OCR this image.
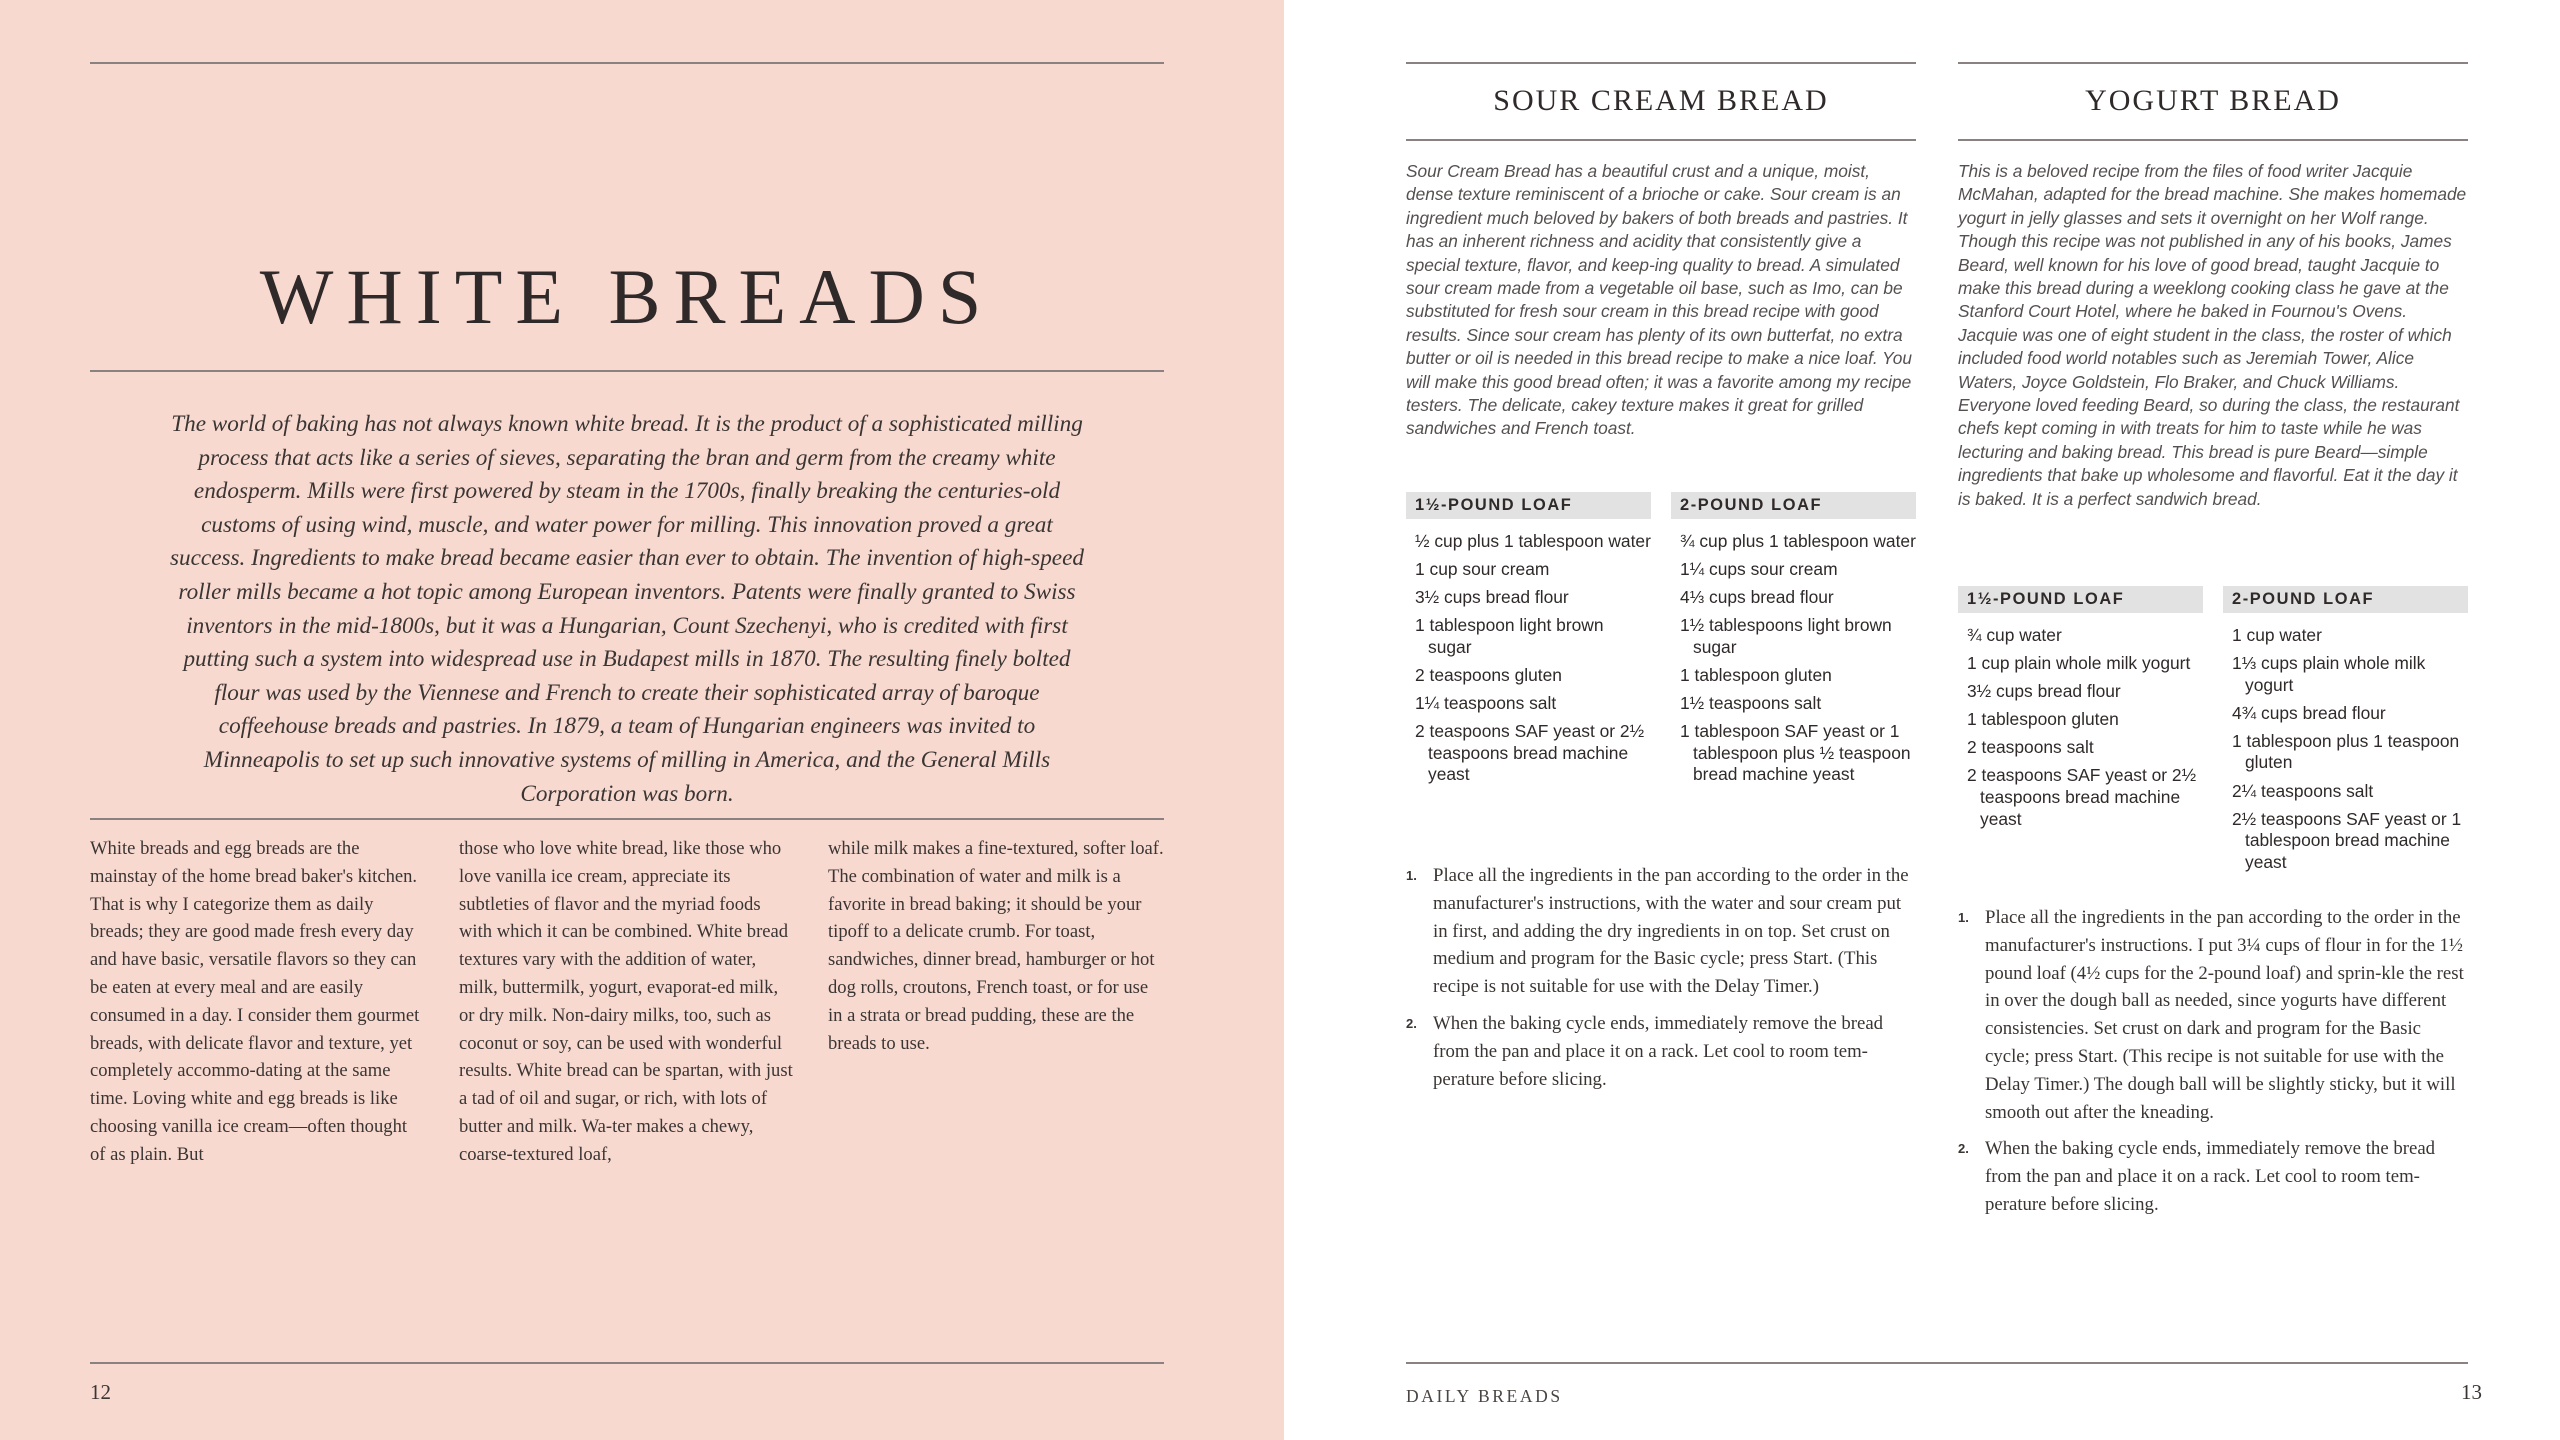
WHITE BREADS

The world of baking has not always known white bread. It is the product of a sophisticated milling process that acts like a series of sieves, separating the bran and germ from the creamy white endosperm. Mills were first powered by steam in the 1700s, finally breaking the centuries-old customs of using wind, muscle, and water power for milling. This innovation proved a great success. Ingredients to make bread became easier than ever to obtain. The invention of high-speed roller mills became a hot topic among European inventors. Patents were finally granted to Swiss inventors in the mid-1800s, but it was a Hungarian, Count Szechenyi, who is credited with first putting such a system into widespread use in Budapest mills in 1870. The resulting finely bolted flour was used by the Viennese and French to create their sophisticated array of baroque coffeehouse breads and pastries. In 1879, a team of Hungarian engineers was invited to Minneapolis to set up such innovative systems of milling in America, and the General Mills Corporation was born.

White breads and egg breads are the mainstay of the home bread baker's kitchen. That is why I categorize them as daily breads; they are good made fresh every day and have basic, versatile flavors so they can be eaten at every meal and are easily consumed in a day. I consider them gourmet breads, with delicate flavor and texture, yet completely accommo-dating at the same time. Loving white and egg breads is like choosing vanilla ice cream—often thought of as plain. But
those who love white bread, like those who love vanilla ice cream, appreciate its subtleties of flavor and the myriad foods with which it can be combined. White bread textures vary with the addition of water, milk, buttermilk, yogurt, evaporat-ed milk, or dry milk. Non-dairy milks, too, such as coconut or soy, can be used with wonderful results. White bread can be spartan, with just a tad of oil and sugar, or rich, with lots of butter and milk. Wa-ter makes a chewy, coarse-textured loaf,
while milk makes a fine-textured, softer loaf. The combination of water and milk is a favorite in bread baking; it should be your tipoff to a delicate crumb. For toast, sandwiches, dinner bread, hamburger or hot dog rolls, croutons, French toast, or for use in a strata or bread pudding, these are the breads to use.
12
SOUR CREAM BREAD

Sour Cream Bread has a beautiful crust and a unique, moist, dense texture reminiscent of a brioche or cake. Sour cream is an ingredient much beloved by bakers of both breads and pastries. It has an inherent richness and acidity that consistently give a special texture, flavor, and keep-ing quality to bread. A simulated sour cream made from a vegetable oil base, such as Imo, can be substituted for fresh sour cream in this bread recipe with good results. Since sour cream has plenty of its own butterfat, no extra butter or oil is needed in this bread recipe to make a nice loaf. You will make this good bread often; it was a favorite among my recipe testers. The delicate, cakey texture makes it great for grilled sandwiches and French toast.

1½-POUND LOAF
½ cup plus 1 tablespoon water
1 cup sour cream
3½ cups bread flour
1 tablespoon light brown sugar
2 teaspoons gluten
1¼ teaspoons salt
2 teaspoons SAF yeast or 2½ teaspoons bread machine yeast
2-POUND LOAF
¾ cup plus 1 tablespoon water
1¼ cups sour cream
4⅓ cups bread flour
1½ tablespoons light brown sugar
1 tablespoon gluten
1½ teaspoons salt
1 tablespoon SAF yeast or 1 tablespoon plus ½ teaspoon bread machine yeast
1. Place all the ingredients in the pan according to the order in the manufacturer's instructions, with the water and sour cream put in first, and adding the dry ingredients in on top. Set crust on medium and program for the Basic cycle; press Start. (This recipe is not suitable for use with the Delay Timer.)
2. When the baking cycle ends, immediately remove the bread from the pan and place it on a rack. Let cool to room tem-perature before slicing.
YOGURT BREAD

This is a beloved recipe from the files of food writer Jacquie McMahan, adapted for the bread machine. She makes homemade yogurt in jelly glasses and sets it overnight on her Wolf range. Though this recipe was not published in any of his books, James Beard, well known for his love of good bread, taught Jacquie to make this bread during a weeklong cooking class he gave at the Stanford Court Hotel, where he baked in Fournou's Ovens. Jacquie was one of eight student in the class, the roster of which included food world notables such as Jeremiah Tower, Alice Waters, Joyce Goldstein, Flo Braker, and Chuck Williams. Everyone loved feeding Beard, so during the class, the restaurant chefs kept coming in with treats for him to taste while he was lecturing and baking bread. This bread is pure Beard—simple ingredients that bake up wholesome and flavorful. Eat it the day it is baked. It is a perfect sandwich bread.

1½-POUND LOAF
¾ cup water
1 cup plain whole milk yogurt
3½ cups bread flour
1 tablespoon gluten
2 teaspoons salt
2 teaspoons SAF yeast or 2½ teaspoons bread machine yeast
2-POUND LOAF
1 cup water
1⅓ cups plain whole milk yogurt
4¾ cups bread flour
1 tablespoon plus 1 teaspoon gluten
2¼ teaspoons salt
2½ teaspoons SAF yeast or 1 tablespoon bread machine yeast
1. Place all the ingredients in the pan according to the order in the manufacturer's instructions. I put 3¼ cups of flour in for the 1½ pound loaf (4½ cups for the 2-pound loaf) and sprin-kle the rest in over the dough ball as needed, since yogurts have different consistencies. Set crust on dark and program for the Basic cycle; press Start. (This recipe is not suitable for use with the Delay Timer.) The dough ball will be slightly sticky, but it will smooth out after the kneading.
2. When the baking cycle ends, immediately remove the bread from the pan and place it on a rack. Let cool to room tem-perature before slicing.
DAILY BREADS	13
